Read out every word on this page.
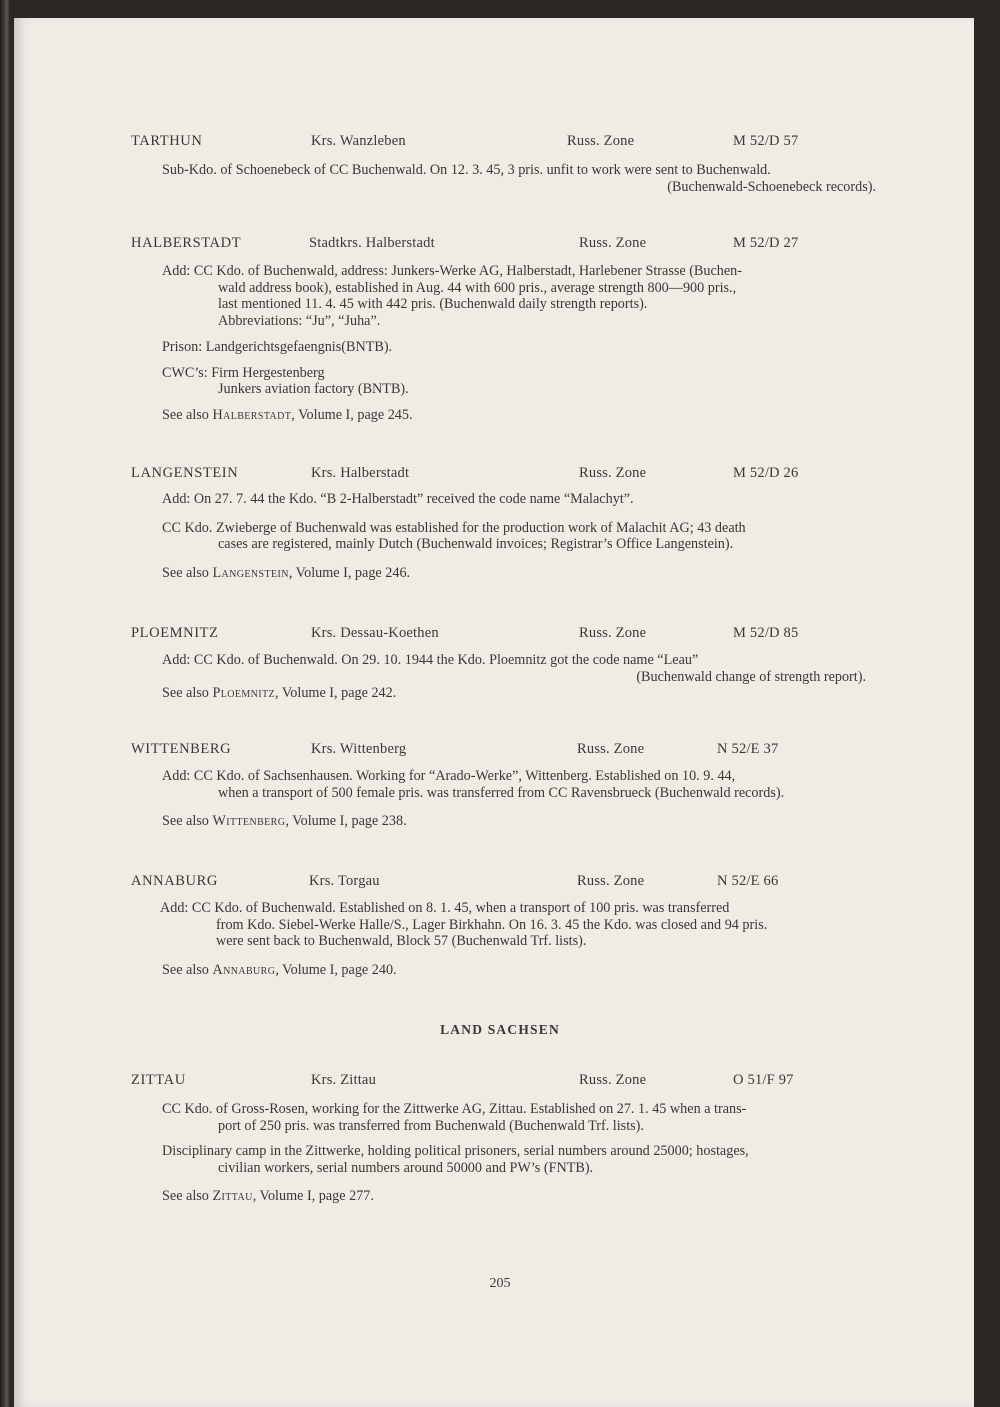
TARTHUN	Krs. Wanzleben	Russ. Zone	M 52/D 57

Sub-Kdo. of Schoenebeck of CC Buchenwald. On 12. 3. 45, 3 pris. unfit to work were sent to Buchenwald.

(Buchenwald-Schoenebeck records).

HALBERSTADT	Stadtkrs. Halberstadt	Russ. Zone	M 52/D 27

Add: CC Kdo. of Buchenwald, address: Junkers-Werke AG, Halberstadt, Harlebener Strasse (Buchen-

wald address book), established in Aug. 44 with 600 pris., average strength 800—900 pris.,

last mentioned 11. 4. 45 with 442 pris. (Buchenwald daily strength reports).

Abbreviations: “Ju”, “Juha”.

Prison: Landgerichtsgefaengnis(BNTB).

CWC’s: Firm Hergestenberg

Junkers aviation factory (BNTB).

See also Halberstadt, Volume I, page 245.

LANGENSTEIN	Krs. Halberstadt	Russ. Zone	M 52/D 26

Add: On 27. 7. 44 the Kdo. “B 2-Halberstadt” received the code name “Malachyt”.

CC Kdo. Zwieberge of Buchenwald was established for the production work of Malachit AG; 43 death

cases are registered, mainly Dutch (Buchenwald invoices; Registrar’s Office Langenstein).

See also Langenstein, Volume I, page 246.

PLOEMNITZ	Krs. Dessau-Koethen	Russ. Zone	M 52/D 85

Add: CC Kdo. of Buchenwald. On 29. 10. 1944 the Kdo. Ploemnitz got the code name “Leau”

(Buchenwald change of strength report).

See also Ploemnitz, Volume I, page 242.

WITTENBERG	Krs. Wittenberg	Russ. Zone	N 52/E 37

Add: CC Kdo. of Sachsenhausen. Working for “Arado-Werke”, Wittenberg. Established on 10. 9. 44,

when a transport of 500 female pris. was transferred from CC Ravensbrueck (Buchenwald records).

See also Wittenberg, Volume I, page 238.

ANNABURG	Krs. Torgau	Russ. Zone	N 52/E 66

Add: CC Kdo. of Buchenwald. Established on 8. 1. 45, when a transport of 100 pris. was transferred

from Kdo. Siebel-Werke Halle/S., Lager Birkhahn. On 16. 3. 45 the Kdo. was closed and 94 pris.

were sent back to Buchenwald, Block 57 (Buchenwald Trf. lists).

See also Annaburg, Volume I, page 240.

LAND SACHSEN
ZITTAU	Krs. Zittau	Russ. Zone	O 51/F 97

CC Kdo. of Gross-Rosen, working for the Zittwerke AG, Zittau. Established on 27. 1. 45 when a trans-

port of 250 pris. was transferred from Buchenwald (Buchenwald Trf. lists).

Disciplinary camp in the Zittwerke, holding political prisoners, serial numbers around 25000; hostages,

civilian workers, serial numbers around 50000 and PW’s (FNTB).

See also Zittau, Volume I, page 277.

205
